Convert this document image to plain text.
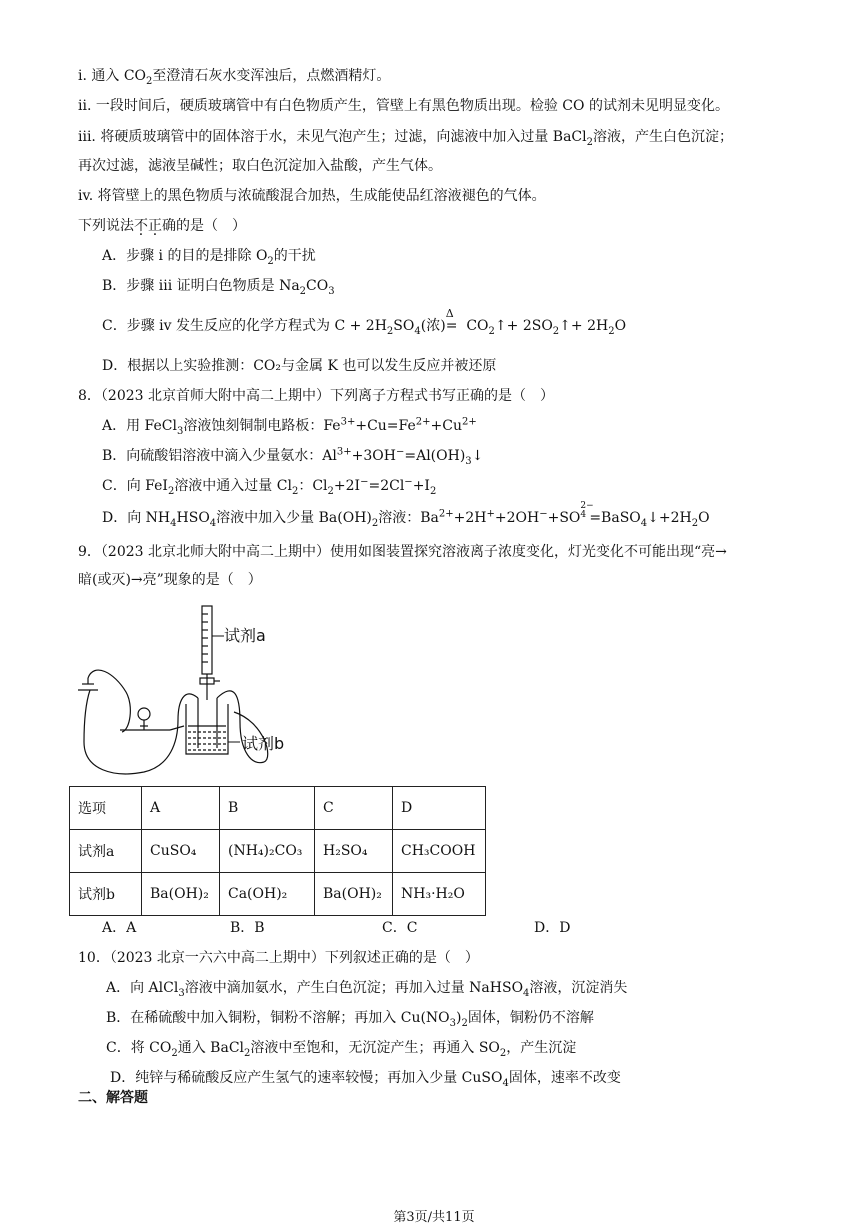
i. 通入 $CO_2$至澄清石灰水变浑浊后，点燃酒精灯。
ii. 一段时间后，硬质玻璃管中有白色物质产生，管壁上有黑色物质出现。检验 CO 的试剂未见明显变化。
iii. 将硬质玻璃管中的固体溶于水，未见气泡产生；过滤，向滤液中加入过量 BaCl$_2$溶液，产生白色沉淀；
再次过滤，滤液呈碱性；取白色沉淀加入盐酸，产生气体。
iv. 将管壁上的黑色物质与浓硫酸混合加热，生成能使品红溶液褪色的气体。
下列说法不正确的是（　）
A．步骤 i 的目的是排除 $O_2$的干扰
B．步骤 iii 证明白色物质是 $Na_2CO_3$
C．步骤 iv 发生反应的化学方程式为 $C + 2H_2SO_4$(浓)
Δ
= $CO_2↑+$ $2SO_2↑+ 2H_2O$
D．根据以上实验推测：CO₂与金属 K 也可以发生反应并被还原
8．（2023 北京首师大附中高二上期中）下列离子方程式书写正确的是（　）
A．用 FeCl$_3$溶液蚀刻铜制电路板：$Fe^{3+}+Cu=Fe^{2+}+Cu^{2+}$
B．向硫酸铝溶液中滴入少量氨水：$Al^{3+}+3OH^-=Al(OH)_3↓$
C．向 FeI$_2$溶液中通入过量 $Cl_2$：$Cl_2+2I^-=2Cl^-+I_2$
D．向 $NH_4HSO_4$溶液中加入少量 $Ba(OH)_2$溶液：$Ba^{2+}+2H^++2OH^-+SO$
2−
$4 =BaSO_4↓+2H_2O$
9．（2023 北京北师大附中高二上期中）使用如图装置探究溶液离子浓度变化，灯光变化不可能出现“亮→
暗(或灭)→亮”现象的是（　）
试剂a
试剂b
选项	A	B	C	D
试剂a	CuSO₄	(NH₄)₂CO₃	H₂SO₄	CH₃COOH
试剂b	Ba(OH)₂	Ca(OH)₂	Ba(OH)₂	NH₃·H₂O
A．A	B．B	C．C	D．D
10．（2023 北京一六六中高二上期中）下列叙述正确的是（　）
A．向 AlCl$_3$溶液中滴加氨水，产生白色沉淀；再加入过量 NaHSO$_4$溶液，沉淀消失
B．在稀硫酸中加入铜粉，铜粉不溶解；再加入 $Cu(NO_3)_2$固体，铜粉仍不溶解
C．将 $CO_2$通入 BaCl$_2$溶液中至饱和，无沉淀产生；再通入 $SO_2$，产生沉淀
D．纯锌与稀硫酸反应产生氢气的速率较慢；再加入少量 CuSO$_4$固体，速率不改变
二、解答题
第3页/共11页
